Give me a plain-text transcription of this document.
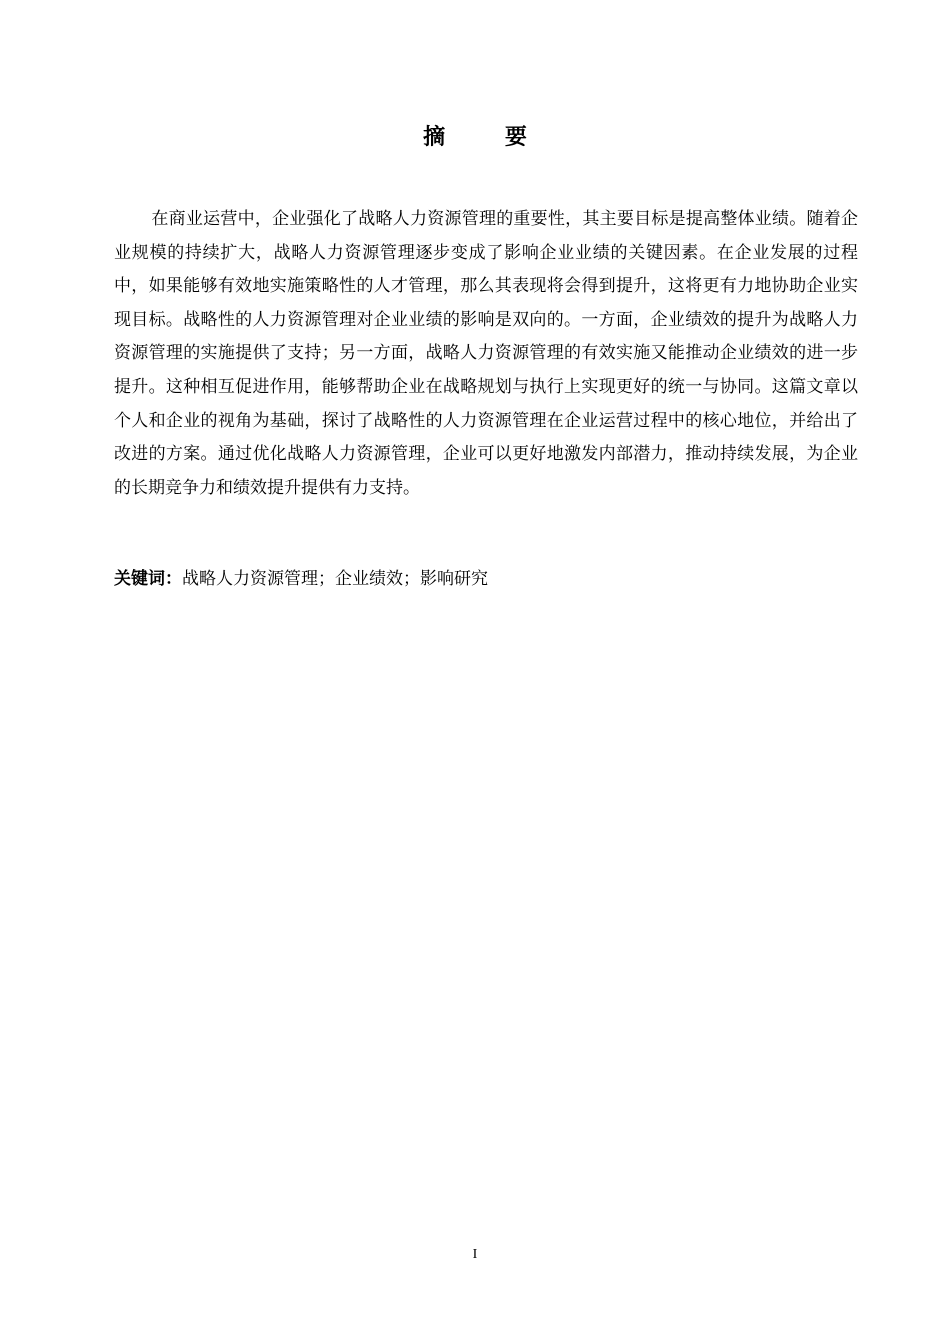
摘 要

在商业运营中，企业强化了战略人力资源管理的重要性，其主要目标是提高整体业绩。随着企业规模的持续扩大，战略人力资源管理逐步变成了影响企业业绩的关键因素。在企业发展的过程中，如果能够有效地实施策略性的人才管理，那么其表现将会得到提升，这将更有力地协助企业实现目标。战略性的人力资源管理对企业业绩的影响是双向的。一方面，企业绩效的提升为战略人力资源管理的实施提供了支持；另一方面，战略人力资源管理的有效实施又能推动企业绩效的进一步提升。这种相互促进作用，能够帮助企业在战略规划与执行上实现更好的统一与协同。这篇文章以个人和企业的视角为基础，探讨了战略性的人力资源管理在企业运营过程中的核心地位，并给出了改进的方案。通过优化战略人力资源管理，企业可以更好地激发内部潜力，推动持续发展，为企业的长期竞争力和绩效提升提供有力支持。

关键词：战略人力资源管理；企业绩效；影响研究
I
